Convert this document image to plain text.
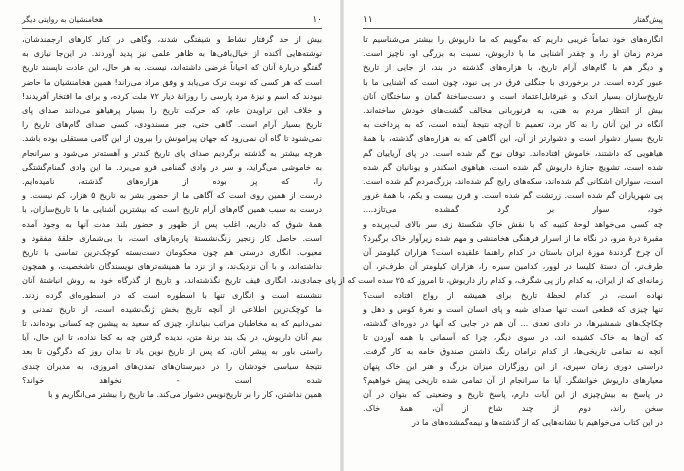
۱۰
هخامنشیان به روایتی دیگر
بیش از حد گرفتار نشاط و شیفتگی شدند، وگاهی در کنار کارهای ارجمندشان،
نوشته‌هایی آکنده از خیال‌بافی‌ها به ظاهر علمی نیز پدید آوردند. در این‌جا نیازی به
گفتگو دربارهٔ آنان که احیاناً غرضی داشته‌اند، نیست. به هر حال، این عادت ناپسند تاریخ
است که هر کسی که نوبت ترک می‌یابد و وفق مراد می‌راند! همین هخامنشیان ما حاضر
نبودند که اسم و نیزهٔ مرد پارسی را روزانهٔ دیار ۷۲ ملت کرده، و برای ما افتخار آفریدند!
و خلاف این تراویدن عام، که حرکت تاریخ را بسیار پرهیاهو می‌دانند صدای پای
تاریخ بسیار آرام است. گاهی حتی، جبر مسندودی، کسی صدای گام‌های تاریخ را
نمی‌شنود تا گاه آن نمی‌رود که جهان پیرامونش را بیرون از این گامی مستقلی بوده باشد.
هرچه بیشتر به گذشته برگردیم صدای پای تاریخ کندتر و آهسته‌تر می‌شود و سرانجام
به خاموشی می‌گراید، و سر در وادی گمنامی فرو می‌برد. ما این وادی گمنام‌گشتگی
را، که پر بوده از هزاره‌های گذشته، نامیده‌ایم.
درست از همین روی است که آگاهی ما از حضور بشر به تاریخ ۵ هزار، کم نیست. و
درست به سبب همین گام‌های آرام تاریخ است که بیشترین آشنایی ما با تاریخ‌سازان، با
همهٔ شوق که داریم، اغلب پس از ظهور و حضور بلند مدت آنها به وجود آمده
است. حاصل کار زنجیر زنگ‌نشستهٔ پاره‌بازهای است، با بی‌شماری حلقهٔ مفقود و
معیوب. انگاری درستی هم چون محکومان دست‌بسته کوچک‌ترین تماسی با تاریخ
نداشته‌اند، و با آن نزدیک‌ند، و از نزد ما همیشه‌ترهای نویسندگان ناشخصیت، و همچون
جمادی‌ند، انگاری قیف تاریخ نگذشته‌اند، و تاریخ از گذرگاه خود به روش انباشتهٔ آنان
ننشسته است و انگاری تنها با اسطوره است که در اسطوره‌ای گرده زدند.
ما کوچک‌ترین اطلاعی از آنچه تاریخ بخش ژنگ‌نشیده است، از تاریخ تمدنی و
نمی‌دانیم که به مخاطبان مراتب بنیانداز، چیزی که سعید به پیشین چه کسانی بوده‌اند، تا
بیم آنان داریوش، در یک بند برنهٔ متن، ندیده گرفتن چه به کجا نداده، تا این حال، آیا
راستی باور به پیشر آنان، که پس از تاریخ نوین یاد تا بدان روز که دگرگون تا بعد
نتیجهٔ سیاسی خودشان را در دبیرستان‌های تمدن‌های امروزی، به مدیران چندی
شده است - نخواهد خواند؟
همین نداشتن، کار را بر تاریخ‌نویس دشوار می‌کند. ما تاریخ را بیشتر می‌انگاریم و با
۱۱	پیش‌گفتار
انگاره‌های خود تماماً غریبی داریم که به‌گوییم که ما داریوش را بیشتر می‌شناسیم تا
مردم زمان او را، و چقدر آشنایی ما با داریوش، نسبت به بزرگی او، ناچیز است.
و دیگر هم با گام‌های آرام تاریخ، با هزاره‌های گذشته در بند، از جایی از تاریخ
عبور کرده است. در برخوردی با جنگلی فرق در پی نبود، چون است که آشنایی ما با
تاریخ‌سازان بسیار اندک و غیرقابل‌اعتماد است و دست‌ساختهٔ گمان و ساختگان آنان
بیش از انتظار مردم به هتی، به فرنوربانی مخالف گشت‌های خودش ساخته‌اند.
آنگاه در این آنان را به کار برد، تعمیم تا آن‌چه نتیجهٔ آینده است، که به پرداخت به
تاریخ بسیار دشوار است و دشوارتر از آن، این آگاهی که به هزاره‌های گذشته، با همهٔ
هیاهویی که داشتند، خاموش افتاده‌اند. توفان نوح گم شده است. در پای آریاییان گم
شده است، تشویچ جنازهٔ داریوش گم شده است، هیاهوی اسکندر و یونانیان گم شده
است، سواران اشکانی گم شده‌اند، سکه‌های رایج گم شده‌اند، بزرگ‌مردم گم شده است.
پی شهریاران گم شده است. زرتشت گم شده است. و قرن بیست و یکم، با همهٔ غرور
خود، سوار بر گرد گمشده می‌تازد....
چه کسی می‌خواهد لوحهٔ کتیبه که با نقش خاکِ شکستهٔ زی سر بالای لب‌پریده و
مقبرهٔ درهٔ مرو، در نگاه ما از اسرار فرهنگی هخامنشی و مهم شده زیرآوار خاک برگیرد؟
آن چرخ گردندهٔ موزهٔ ایران باستان در کدام راهنما علقیده است؟ هزاران کیلومتر آن
طرف‌تر، آن دستهٔ کلیسا در لوور، کدامین سیره را، هزاران کیلومتر آن طرف‌تر، آن
زمانه‌ای که از ایران، به کدام راز پی شگرف، و کدام راز داریوش، تا امروز که ۲۵ سده است که از پای
نهاده است، در کدام لحظهٔ تاریخ برای همیشه از رواج افتاده است؟
تنها چیزی که قطعی است تنها صدای شبه و پای انسان است و نعرهٔ کوس و دهل و
چکاچک‌های شمشیرها، در دادی تعدی ... آن هم در جایی که آنها در دوره‌ای گذشته،
که آن‌ها به خاک کشیده اند، در سوی دیگر، چرا که آسمانی با همه آوردن تا
آنچه نه تمامی تاریخی‌ها، از کدام ترامان رنگ داشتن صندوق خامه به کار گرفت.
دراستی دوری زمان سپری، از این روزگاران میزان بزرگ و هنر این خاک پنهان
معیارهای داریوش خوانشگر. آیا ما سرانجام از آن تمامی شده تاریخی پیش خواهیم؟
در پاسخ به بیش‌چیزی از این آیات دارم، پاسخ تاریخ و وضعیتی که بتوان در آن
سخن راند، دوم از چند شاخ از آن، همهٔ خاک.
در این کتاب می‌خواهیم با نشانه‌هایی که از گذشته‌ها و نیمه‌گمشده‌های ما در
